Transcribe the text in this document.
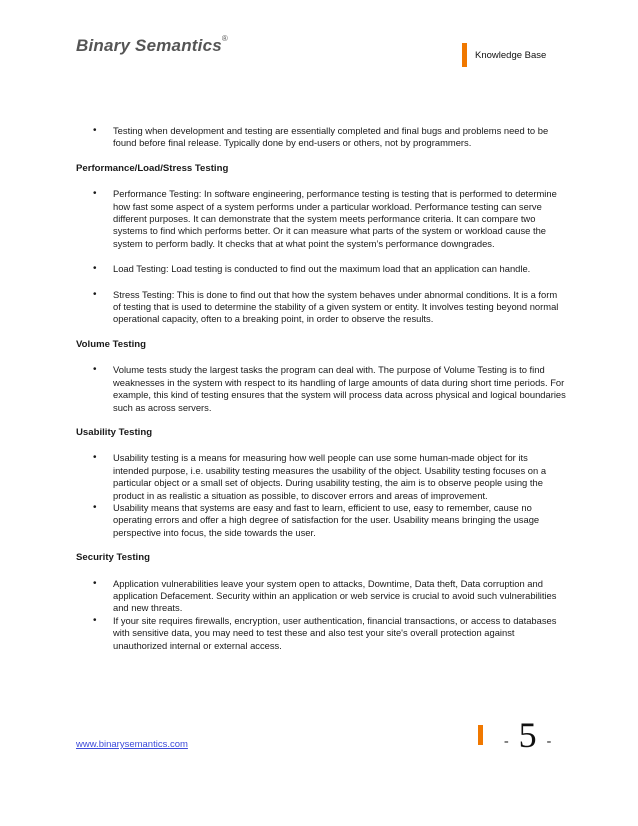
Binary Semantics®
Knowledge Base
• Testing when development and testing are essentially completed and final bugs and problems need to be found before final release. Typically done by end-users or others, not by programmers.

Performance/Load/Stress Testing

• Performance Testing: In software engineering, performance testing is testing that is performed to determine how fast some aspect of a system performs under a particular workload. Performance testing can serve different purposes. It can demonstrate that the system meets performance criteria. It can compare two systems to find which performs better. Or it can measure what parts of the system or workload cause the system to perform badly. It checks that at what point the system’s performance downgrades.
• Load Testing: Load testing is conducted to find out the maximum load that an application can handle.
• Stress Testing: This is done to find out that how the system behaves under abnormal conditions. It is a form of testing that is used to determine the stability of a given system or entity. It involves testing beyond normal operational capacity, often to a breaking point, in order to observe the results.

Volume Testing

• Volume tests study the largest tasks the program can deal with. The purpose of Volume Testing is to find weaknesses in the system with respect to its handling of large amounts of data during short time periods. For example, this kind of testing ensures that the system will process data across physical and logical boundaries such as across servers.

Usability Testing

• Usability testing is a means for measuring how well people can use some human-made object for its intended purpose, i.e. usability testing measures the usability of the object. Usability testing focuses on a particular object or a small set of objects. During usability testing, the aim is to observe people using the product in as realistic a situation as possible, to discover errors and areas of improvement.
• Usability means that systems are easy and fast to learn, efficient to use, easy to remember, cause no operating errors and offer a high degree of satisfaction for the user. Usability means bringing the usage perspective into focus, the side towards the user.

Security Testing

• Application vulnerabilities leave your system open to attacks, Downtime, Data theft, Data corruption and application Defacement. Security within an application or web service is crucial to avoid such vulnerabilities and new threats.
• If your site requires firewalls, encryption, user authentication, financial transactions, or access to databases with sensitive data, you may need to test these and also test your site's overall protection against unauthorized internal or external access.
www.binarysemantics.com	- 5 -
